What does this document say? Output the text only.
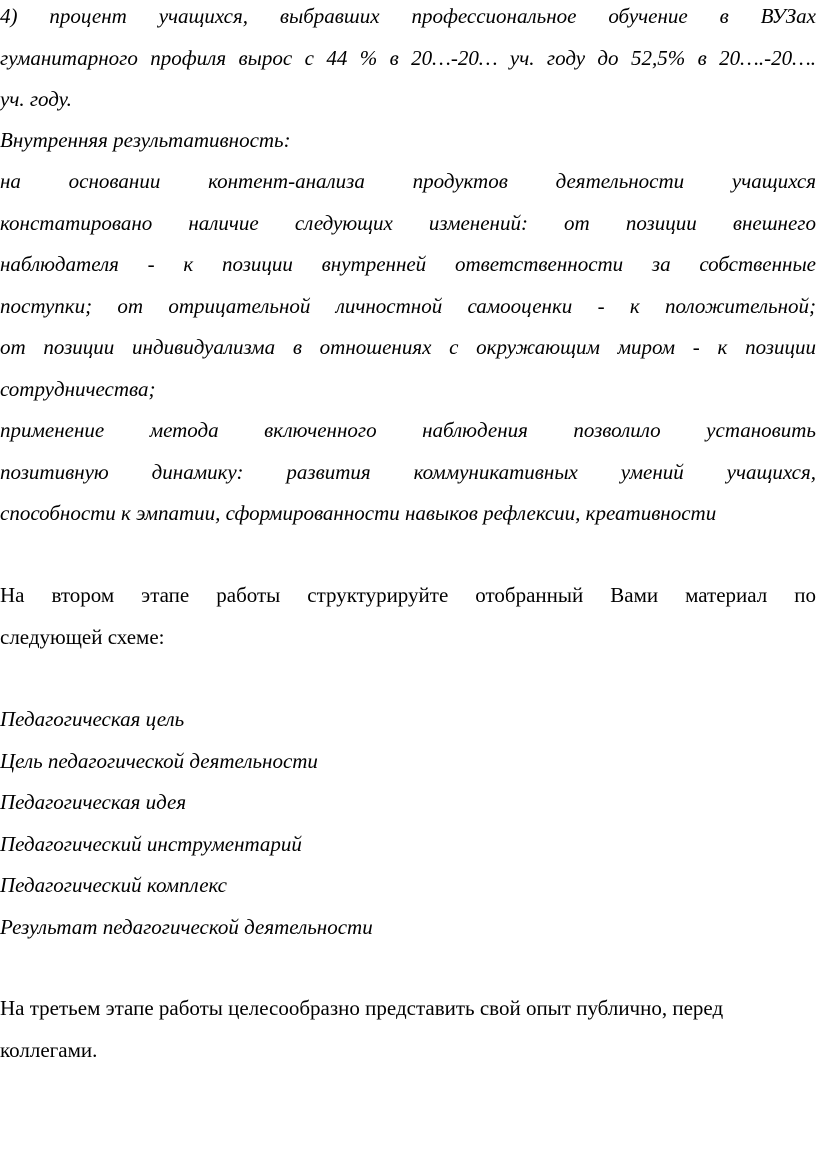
4) процент учащихся, выбравших профессиональное обучение в ВУЗах
гуманитарного профиля вырос с 44 % в 20…-20… уч. году до 52,5% в 20….-20….
уч. году.
Внутренняя результативность:
на основании контент-анализа продуктов деятельности учащихся
констатировано наличие следующих изменений: от позиции внешнего
наблюдателя - к позиции внутренней ответственности за собственные
поступки; от отрицательной личностной самооценки - к положительной;
от позиции индивидуализма в отношениях с окружающим миром - к позиции
сотрудничества;
применение метода включенного наблюдения позволило установить
позитивную динамику: развития коммуникативных умений учащихся,
способности к эмпатии, сформированности навыков рефлексии, креативности
На втором этапе работы структурируйте отобранный Вами материал по
следующей схеме:
Педагогическая цель
Цель педагогической деятельности
Педагогическая идея
Педагогический инструментарий
Педагогический комплекс
Результат педагогической деятельности
На третьем этапе работы целесообразно представить свой опыт публично, перед
коллегами.
